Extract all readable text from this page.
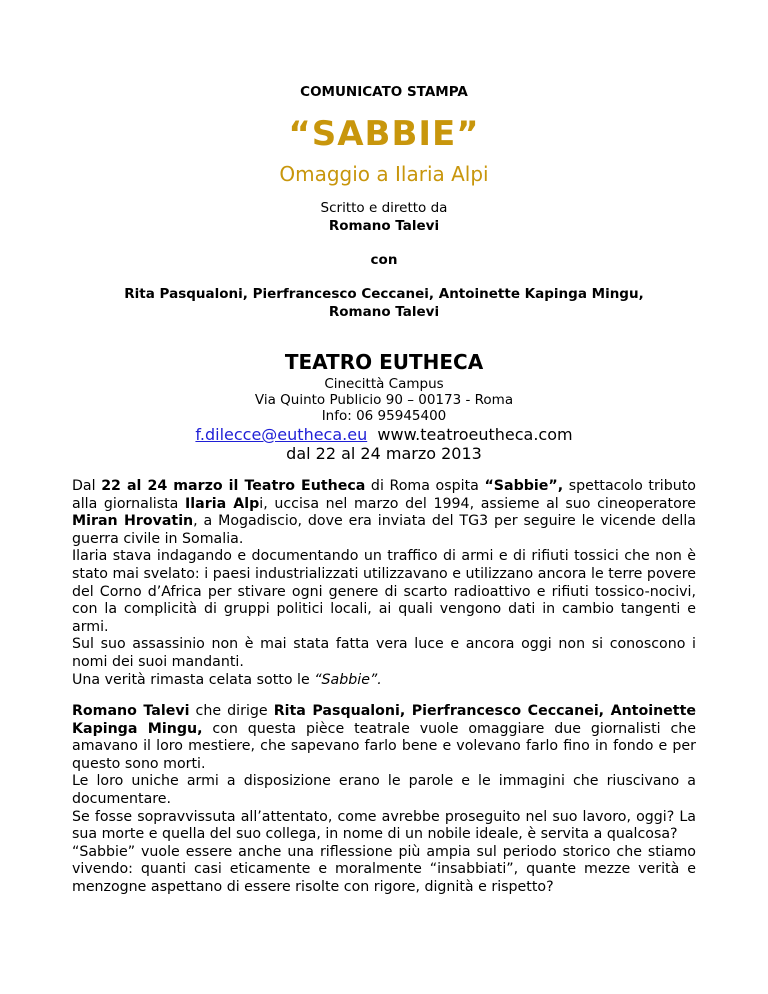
COMUNICATO STAMPA
“SABBIE”
Omaggio a Ilaria Alpi
Scritto e diretto da
Romano Talevi
con
Rita Pasqualoni, Pierfrancesco Ceccanei, Antoinette Kapinga Mingu,
Romano Talevi
TEATRO EUTHECA
Cinecittà Campus
Via Quinto Publicio 90 – 00173 - Roma
Info: 06 95945400
f.dilecce@eutheca.eu www.teatroeutheca.com
dal 22 al 24 marzo 2013

Dal 22 al 24 marzo il Teatro Eutheca di Roma ospita “Sabbie”, spettacolo tributo alla giornalista Ilaria Alpi, uccisa nel marzo del 1994, assieme al suo cineoperatore Miran Hrovatin, a Mogadiscio, dove era inviata del TG3 per seguire le vicende della guerra civile in Somalia.

Ilaria stava indagando e documentando un traffico di armi e di rifiuti tossici che non è stato mai svelato: i paesi industrializzati utilizzavano e utilizzano ancora le terre povere del Corno d’Africa per stivare ogni genere di scarto radioattivo e rifiuti tossico-nocivi, con la complicità di gruppi politici locali, ai quali vengono dati in cambio tangenti e armi.

Sul suo assassinio non è mai stata fatta vera luce e ancora oggi non si conoscono i nomi dei suoi mandanti.

Una verità rimasta celata sotto le “Sabbie”.

Romano Talevi che dirige Rita Pasqualoni, Pierfrancesco Ceccanei, Antoinette Kapinga Mingu, con questa pièce teatrale vuole omaggiare due giornalisti che amavano il loro mestiere, che sapevano farlo bene e volevano farlo fino in fondo e per questo sono morti.

Le loro uniche armi a disposizione erano le parole e le immagini che riuscivano a documentare.

Se fosse sopravvissuta all’attentato, come avrebbe proseguito nel suo lavoro, oggi? La sua morte e quella del suo collega, in nome di un nobile ideale, è servita a qualcosa?

“Sabbie” vuole essere anche una riflessione più ampia sul periodo storico che stiamo vivendo: quanti casi eticamente e moralmente “insabbiati”, quante mezze verità e menzogne aspettano di essere risolte con rigore, dignità e rispetto?
